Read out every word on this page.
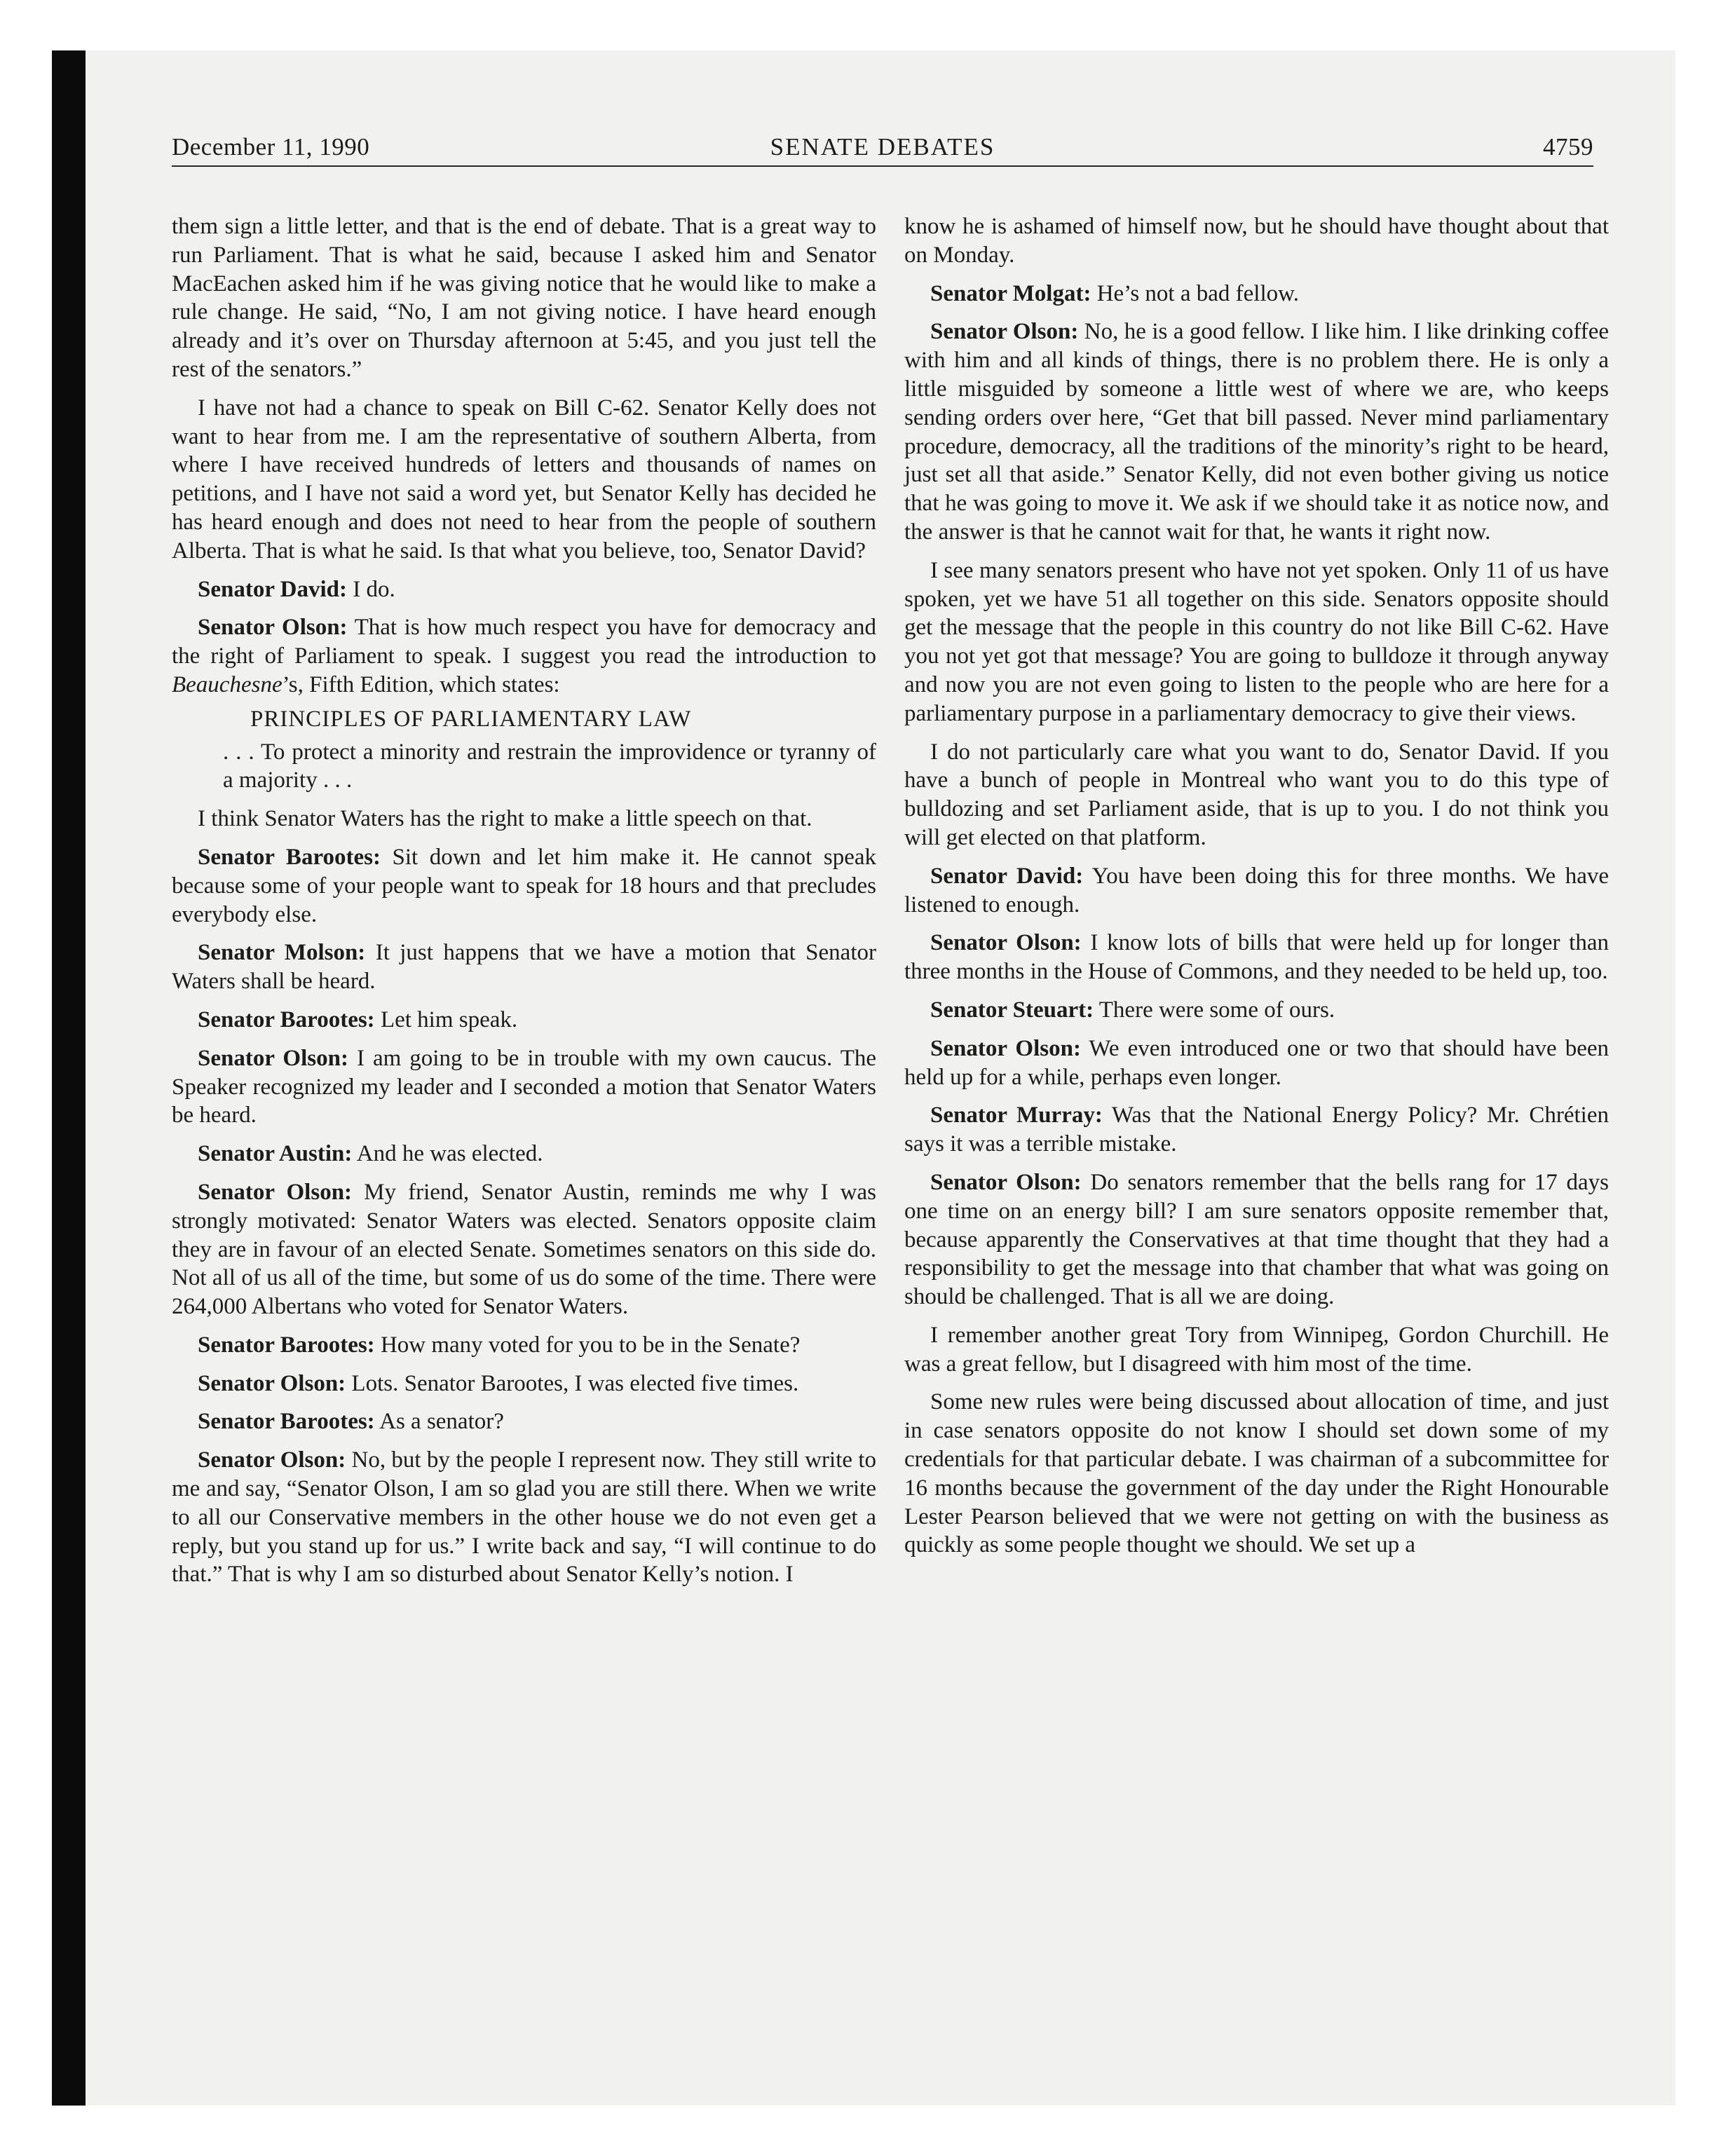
December 11, 1990	SENATE DEBATES	4759

them sign a little letter, and that is the end of debate. That is a great way to run Parliament. That is what he said, because I asked him and Senator MacEachen asked him if he was giving notice that he would like to make a rule change. He said, “No, I am not giving notice. I have heard enough already and it’s over on Thursday afternoon at 5:45, and you just tell the rest of the senators.”

I have not had a chance to speak on Bill C-62. Senator Kelly does not want to hear from me. I am the representative of southern Alberta, from where I have received hundreds of letters and thousands of names on petitions, and I have not said a word yet, but Senator Kelly has decided he has heard enough and does not need to hear from the people of southern Alberta. That is what he said. Is that what you believe, too, Senator David?

Senator David: I do.

Senator Olson: That is how much respect you have for democracy and the right of Parliament to speak. I suggest you read the introduction to Beauchesne’s, Fifth Edition, which states:

PRINCIPLES OF PARLIAMENTARY LAW

. . . To protect a minority and restrain the improvidence or tyranny of a majority . . .

I think Senator Waters has the right to make a little speech on that.

Senator Barootes: Sit down and let him make it. He cannot speak because some of your people want to speak for 18 hours and that precludes everybody else.

Senator Molson: It just happens that we have a motion that Senator Waters shall be heard.

Senator Barootes: Let him speak.

Senator Olson: I am going to be in trouble with my own caucus. The Speaker recognized my leader and I seconded a motion that Senator Waters be heard.

Senator Austin: And he was elected.

Senator Olson: My friend, Senator Austin, reminds me why I was strongly motivated: Senator Waters was elected. Senators opposite claim they are in favour of an elected Senate. Sometimes senators on this side do. Not all of us all of the time, but some of us do some of the time. There were 264,000 Albertans who voted for Senator Waters.

Senator Barootes: How many voted for you to be in the Senate?

Senator Olson: Lots. Senator Barootes, I was elected five times.

Senator Barootes: As a senator?

Senator Olson: No, but by the people I represent now. They still write to me and say, “Senator Olson, I am so glad you are still there. When we write to all our Conservative members in the other house we do not even get a reply, but you stand up for us.” I write back and say, “I will continue to do that.” That is why I am so disturbed about Senator Kelly’s notion. I

know he is ashamed of himself now, but he should have thought about that on Monday.

Senator Molgat: He’s not a bad fellow.

Senator Olson: No, he is a good fellow. I like him. I like drinking coffee with him and all kinds of things, there is no problem there. He is only a little misguided by someone a little west of where we are, who keeps sending orders over here, “Get that bill passed. Never mind parliamentary procedure, democracy, all the traditions of the minority’s right to be heard, just set all that aside.” Senator Kelly, did not even bother giving us notice that he was going to move it. We ask if we should take it as notice now, and the answer is that he cannot wait for that, he wants it right now.

I see many senators present who have not yet spoken. Only 11 of us have spoken, yet we have 51 all together on this side. Senators opposite should get the message that the people in this country do not like Bill C-62. Have you not yet got that message? You are going to bulldoze it through anyway and now you are not even going to listen to the people who are here for a parliamentary purpose in a parliamentary democracy to give their views.

I do not particularly care what you want to do, Senator David. If you have a bunch of people in Montreal who want you to do this type of bulldozing and set Parliament aside, that is up to you. I do not think you will get elected on that platform.

Senator David: You have been doing this for three months. We have listened to enough.

Senator Olson: I know lots of bills that were held up for longer than three months in the House of Commons, and they needed to be held up, too.

Senator Steuart: There were some of ours.

Senator Olson: We even introduced one or two that should have been held up for a while, perhaps even longer.

Senator Murray: Was that the National Energy Policy? Mr. Chrétien says it was a terrible mistake.

Senator Olson: Do senators remember that the bells rang for 17 days one time on an energy bill? I am sure senators opposite remember that, because apparently the Conservatives at that time thought that they had a responsibility to get the message into that chamber that what was going on should be challenged. That is all we are doing.

I remember another great Tory from Winnipeg, Gordon Churchill. He was a great fellow, but I disagreed with him most of the time.

Some new rules were being discussed about allocation of time, and just in case senators opposite do not know I should set down some of my credentials for that particular debate. I was chairman of a subcommittee for 16 months because the government of the day under the Right Honourable Lester Pearson believed that we were not getting on with the business as quickly as some people thought we should. We set up a
